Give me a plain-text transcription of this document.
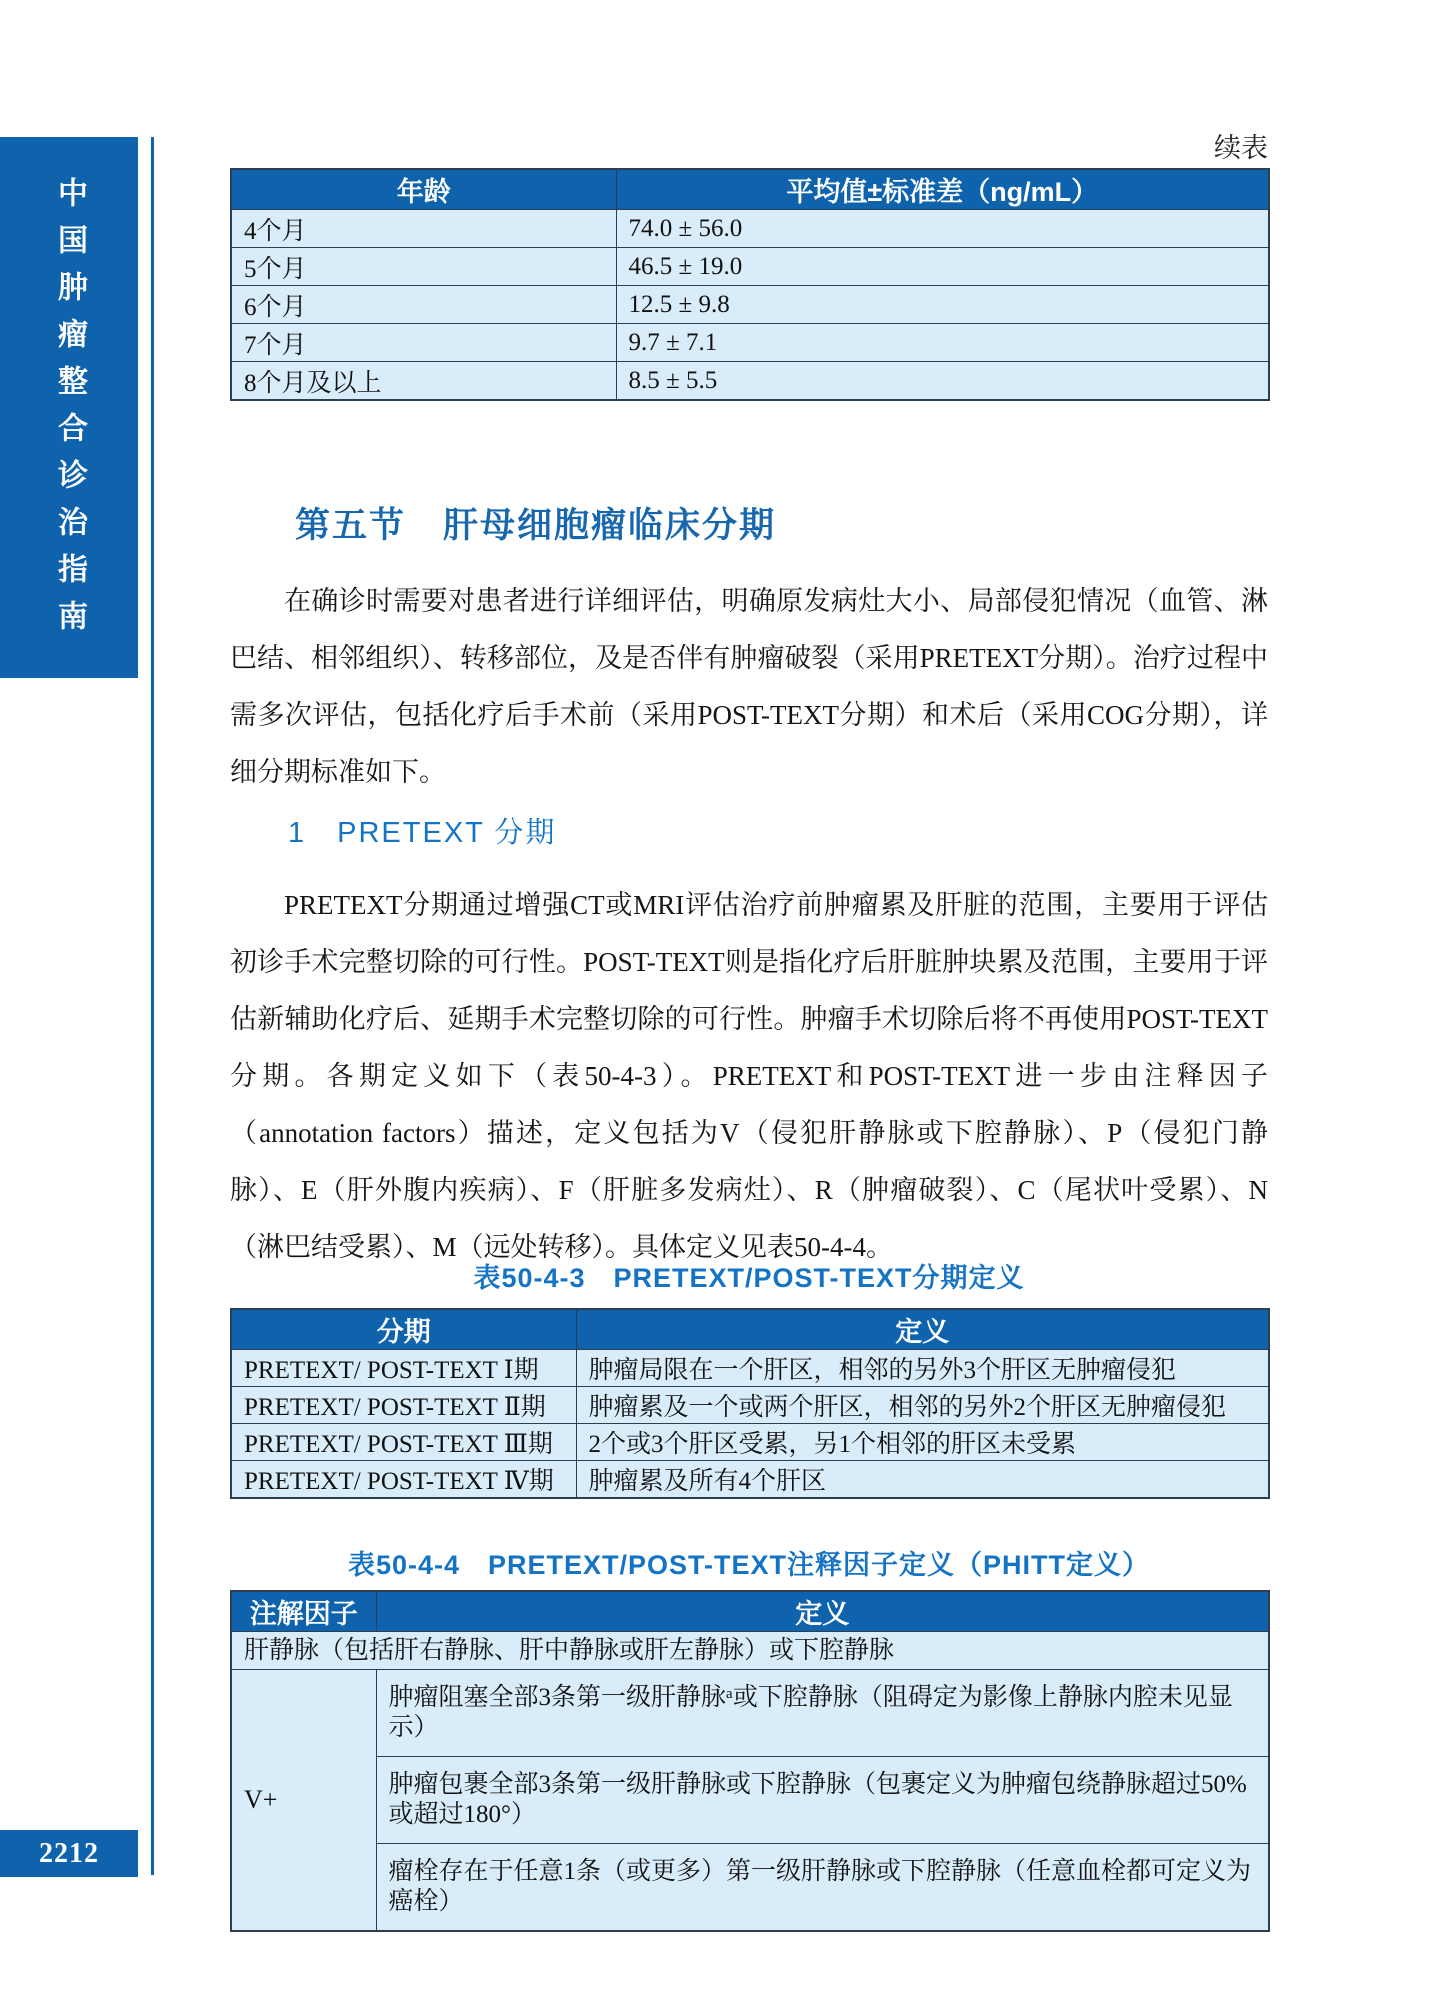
中国肿瘤整合诊治指南
2212
续表
年龄	平均值±标准差（ng/mL）
4个月	74.0 ± 56.0
5个月	46.5 ± 19.0
6个月	12.5 ± 9.8
7个月	9.7 ± 7.1
8个月及以上	8.5 ± 5.5
第五节　肝母细胞瘤临床分期
在确诊时需要对患者进行详细评估，明确原发病灶大小、局部侵犯情况（血管、淋巴结、相邻组织）、转移部位，及是否伴有肿瘤破裂（采用PRETEXT分期）。治疗过程中需多次评估，包括化疗后手术前（采用POST-TEXT分期）和术后（采用COG分期），详细分期标准如下。
1　PRETEXT 分期
PRETEXT分期通过增强CT或MRI评估治疗前肿瘤累及肝脏的范围，主要用于评估初诊手术完整切除的可行性。POST-TEXT则是指化疗后肝脏肿块累及范围，主要用于评估新辅助化疗后、延期手术完整切除的可行性。肿瘤手术切除后将不再使用POST-TEXT分期。各期定义如下（表50-4-3）。PRETEXT和POST-TEXT进一步由注释因子（annotation factors）描述，定义包括为V（侵犯肝静脉或下腔静脉）、P（侵犯门静脉）、E（肝外腹内疾病）、F（肝脏多发病灶）、R（肿瘤破裂）、C（尾状叶受累）、N（淋巴结受累）、M（远处转移）。具体定义见表50-4-4。
表50-4-3　PRETEXT/POST-TEXT分期定义
分期	定义
PRETEXT/ POST-TEXT Ⅰ期	肿瘤局限在一个肝区，相邻的另外3个肝区无肿瘤侵犯
PRETEXT/ POST-TEXT Ⅱ期	肿瘤累及一个或两个肝区，相邻的另外2个肝区无肿瘤侵犯
PRETEXT/ POST-TEXT Ⅲ期	2个或3个肝区受累，另1个相邻的肝区未受累
PRETEXT/ POST-TEXT Ⅳ期	肿瘤累及所有4个肝区
表50-4-4　PRETEXT/POST-TEXT注释因子定义（PHITT定义）
注解因子	定义
肝静脉（包括肝右静脉、肝中静脉或肝左静脉）或下腔静脉	
V+	肿瘤阻塞全部3条第一级肝静脉ᵃ或下腔静脉（阻碍定为影像上静脉内腔未见显示）
	肿瘤包裹全部3条第一级肝静脉或下腔静脉（包裹定义为肿瘤包绕静脉超过50%或超过180°）
	瘤栓存在于任意1条（或更多）第一级肝静脉或下腔静脉（任意血栓都可定义为癌栓）
